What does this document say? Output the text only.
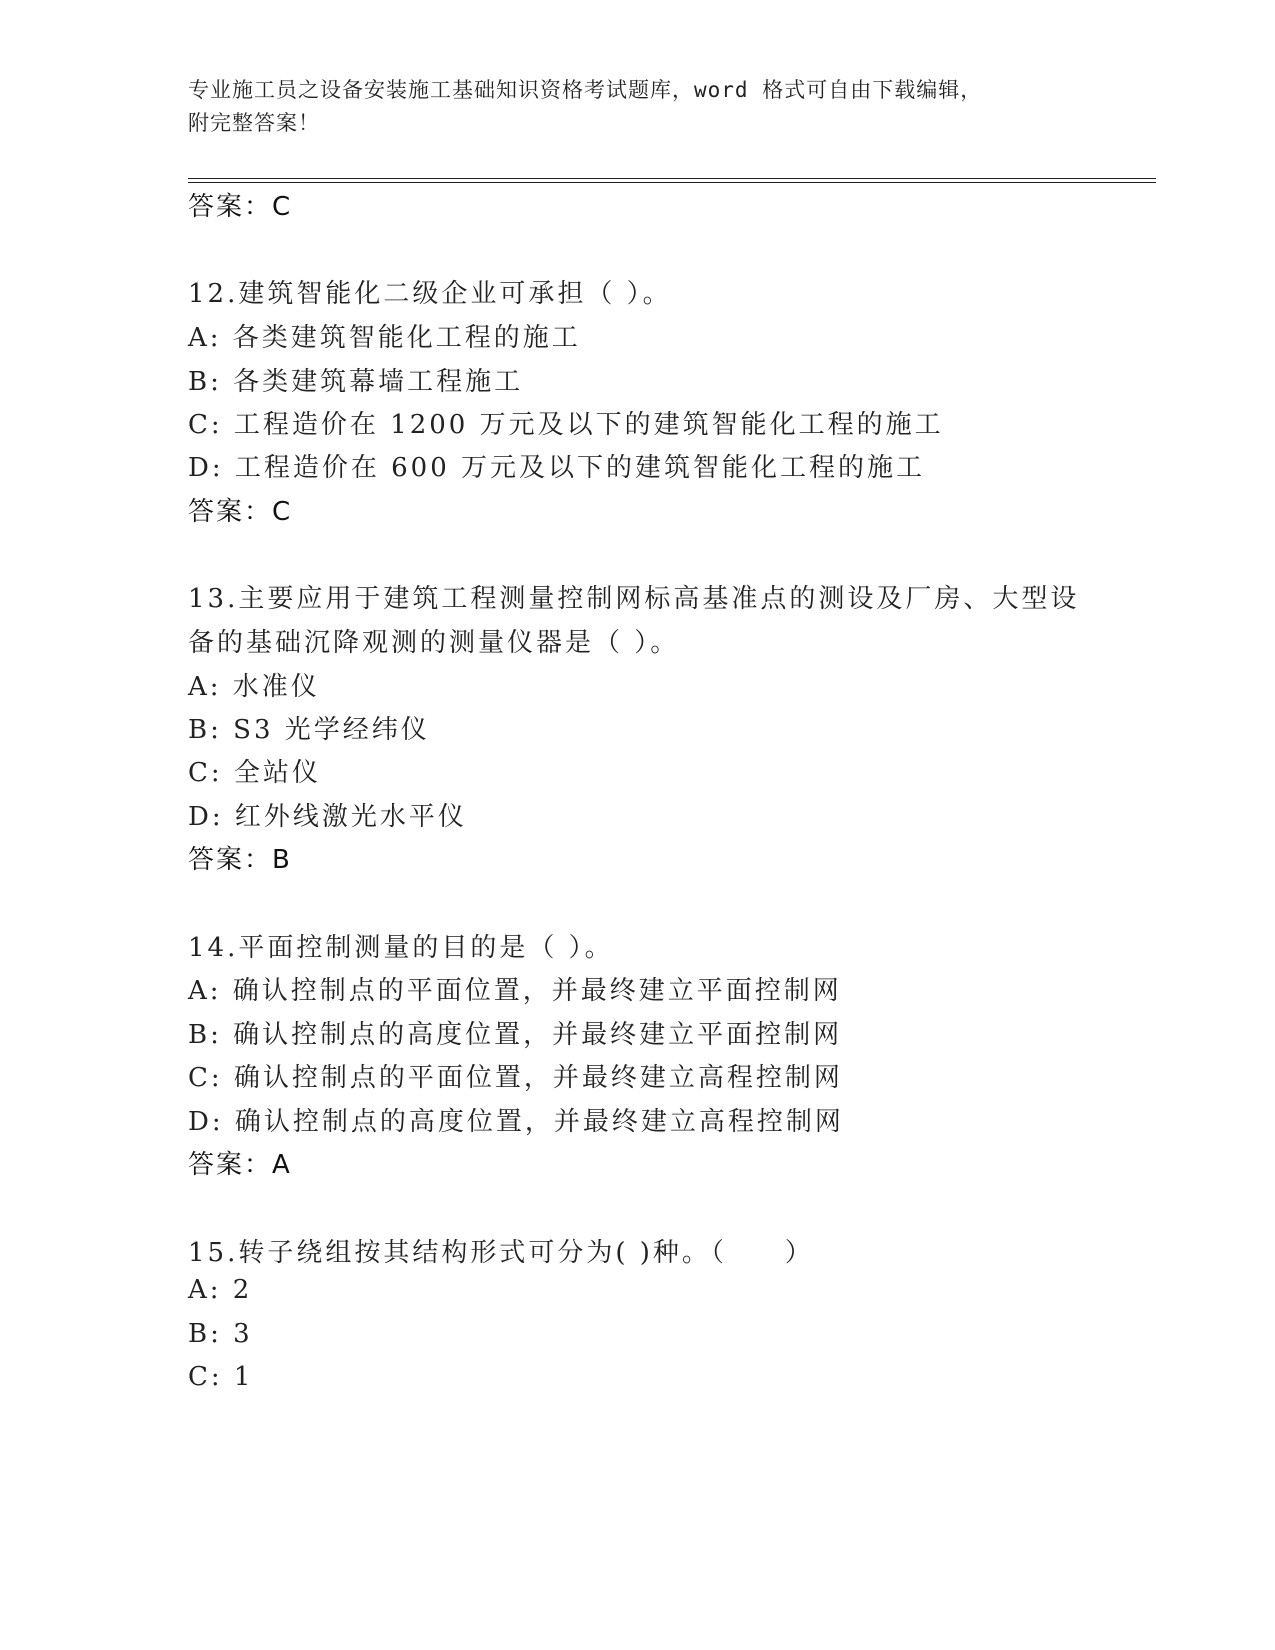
专业施工员之设备安装施工基础知识资格考试题库，word 格式可自由下载编辑，
附完整答案！
答案：C
12.建筑智能化二级企业可承担（ ）。
A: 各类建筑智能化工程的施工
B: 各类建筑幕墙工程施工
C: 工程造价在 1200 万元及以下的建筑智能化工程的施工
D: 工程造价在 600 万元及以下的建筑智能化工程的施工
答案：C
13.主要应用于建筑工程测量控制网标高基准点的测设及厂房、大型设
备的基础沉降观测的测量仪器是（ ）。
A: 水准仪
B: S3 光学经纬仪
C: 全站仪
D: 红外线激光水平仪
答案：B
14.平面控制测量的目的是（ ）。
A: 确认控制点的平面位置，并最终建立平面控制网
B: 确认控制点的高度位置，并最终建立平面控制网
C: 确认控制点的平面位置，并最终建立高程控制网
D: 确认控制点的高度位置，并最终建立高程控制网
答案：A
15.转子绕组按其结构形式可分为( )种。（　　）
A: 2
B: 3
C: 1
